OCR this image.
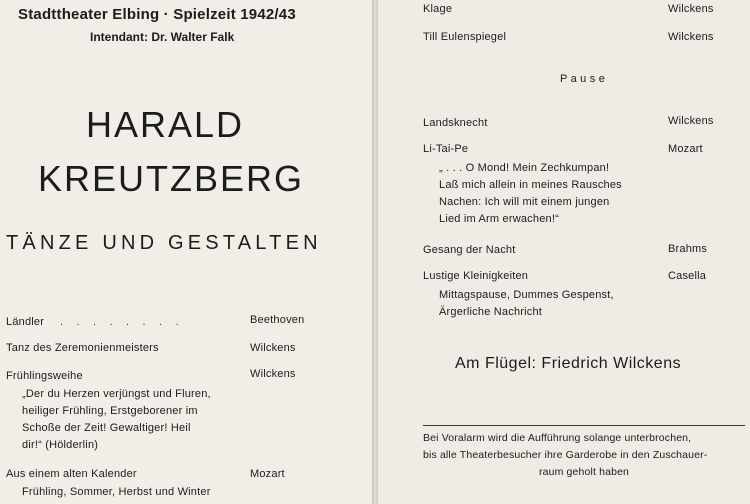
Stadttheater Elbing · Spielzeit 1942/43
Intendant: Dr. Walter Falk
HARALD
KREUTZBERG
TÄNZE UND GESTALTEN
Ländler . . . . . . . .	Beethoven
Tanz des Zeremonienmeisters	Wilckens
Frühlingsweihe	Wilckens
„Der du Herzen verjüngst und Fluren,
heiliger Frühling, Erstgeborener im
Schoße der Zeit! Gewaltiger! Heil
dir!“ (Hölderlin)
Aus einem alten Kalender	Mozart
Frühling, Sommer, Herbst und Winter
Klage	Wilckens
Till Eulenspiegel	Wilckens
P a u s e
Landsknecht	Wilckens
Li-Tai-Pe	Mozart
„ . . . O Mond! Mein Zechkumpan!
Laß mich allein in meines Rausches
Nachen: Ich will mit einem jungen
Lied im Arm erwachen!“
Gesang der Nacht	Brahms
Lustige Kleinigkeiten	Casella
Mittagspause, Dummes Gespenst,
Ärgerliche Nachricht
Am Flügel: Friedrich Wilckens
Bei Voralarm wird die Aufführung solange unterbrochen,
bis alle Theaterbesucher ihre Garderobe in den Zuschauer-
raum geholt haben
